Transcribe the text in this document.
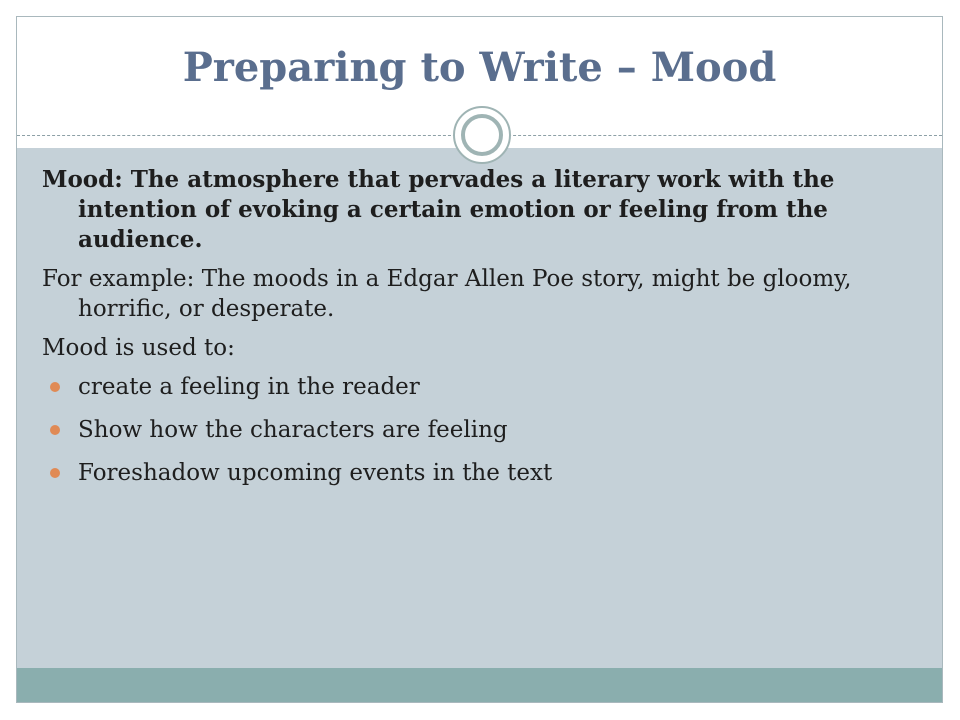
Preparing to Write – Mood

Mood: The atmosphere that pervades a literary work with the intention of evoking a certain emotion or feeling from the audience.

For example: The moods in a Edgar Allen Poe story, might be gloomy, horrific, or desperate.

Mood is used to:

create a feeling in the reader
Show how the characters are feeling
Foreshadow upcoming events in the text
